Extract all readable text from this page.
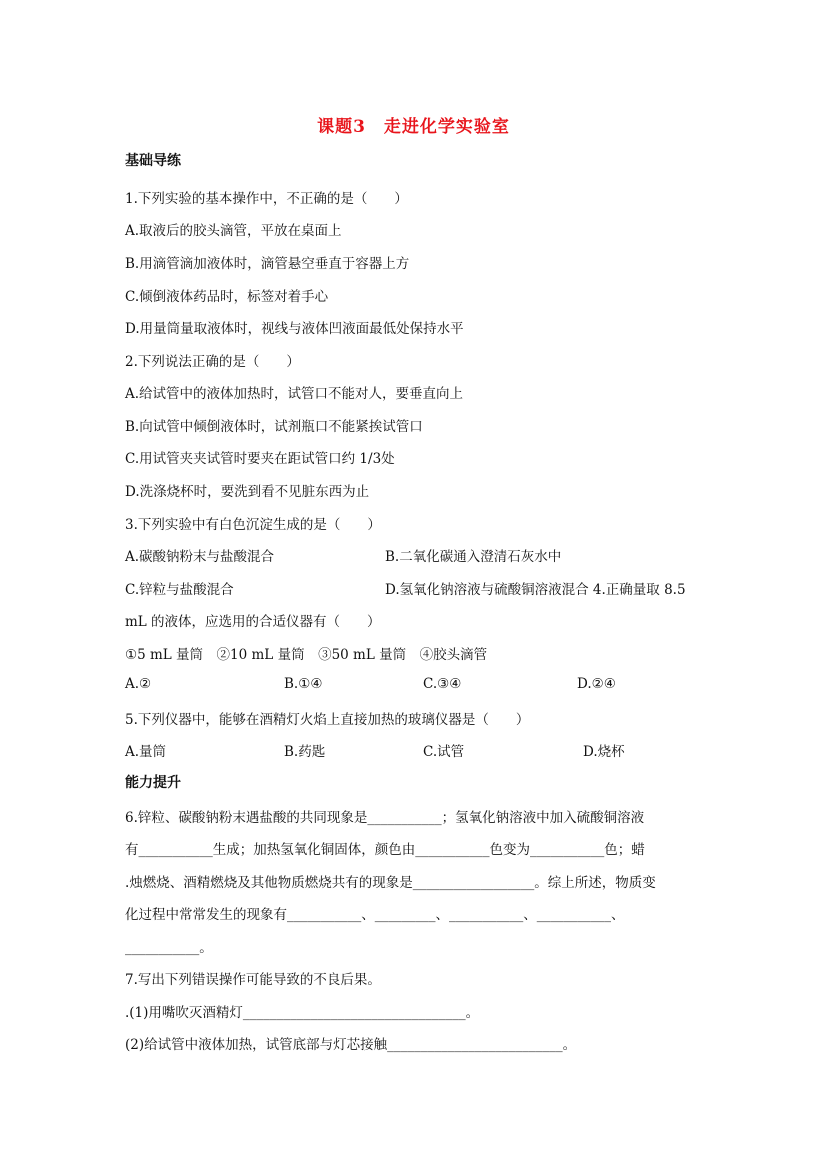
课题3　走进化学实验室
基础导练
1.下列实验的基本操作中，不正确的是（　　）
A.取液后的胶头滴管，平放在桌面上
B.用滴管滴加液体时，滴管悬空垂直于容器上方
C.倾倒液体药品时，标签对着手心
D.用量筒量取液体时，视线与液体凹液面最低处保持水平
2.下列说法正确的是（　　）
A.给试管中的液体加热时，试管口不能对人，要垂直向上
B.向试管中倾倒液体时，试剂瓶口不能紧挨试管口
C.用试管夹夹试管时要夹在距试管口约 1/3处
D.洗涤烧杯时，要洗到看不见脏东西为止
3.下列实验中有白色沉淀生成的是（　　）
A.碳酸钠粉末与盐酸混合	B.二氧化碳通入澄清石灰水中
C.锌粒与盐酸混合	D.氢氧化钠溶液与硫酸铜溶液混合 4.正确量取 8.5
mL 的液体，应选用的合适仪器有（　　）
①5 mL 量筒　②10 mL 量筒　③50 mL 量筒　④胶头滴管
A.②	B.①④	C.③④	D.②④
5.下列仪器中，能够在酒精灯火焰上直接加热的玻璃仪器是（　　）
A.量筒	B.药匙	C.试管	D.烧杯
能力提升
6.锌粒、碳酸钠粉末遇盐酸的共同现象是___________；氢氧化钠溶液中加入硫酸铜溶液
有___________生成；加热氢氧化铜固体，颜色由___________色变为___________色；蜡
.烛燃烧、酒精燃烧及其他物质燃烧共有的现象是__________________。综上所述，物质变
化过程中常常发生的现象有___________、_________、___________、___________、
___________。
7.写出下列错误操作可能导致的不良后果。
.(1)用嘴吹灭酒精灯_________________________________。
(2)给试管中液体加热，试管底部与灯芯接触__________________________。
